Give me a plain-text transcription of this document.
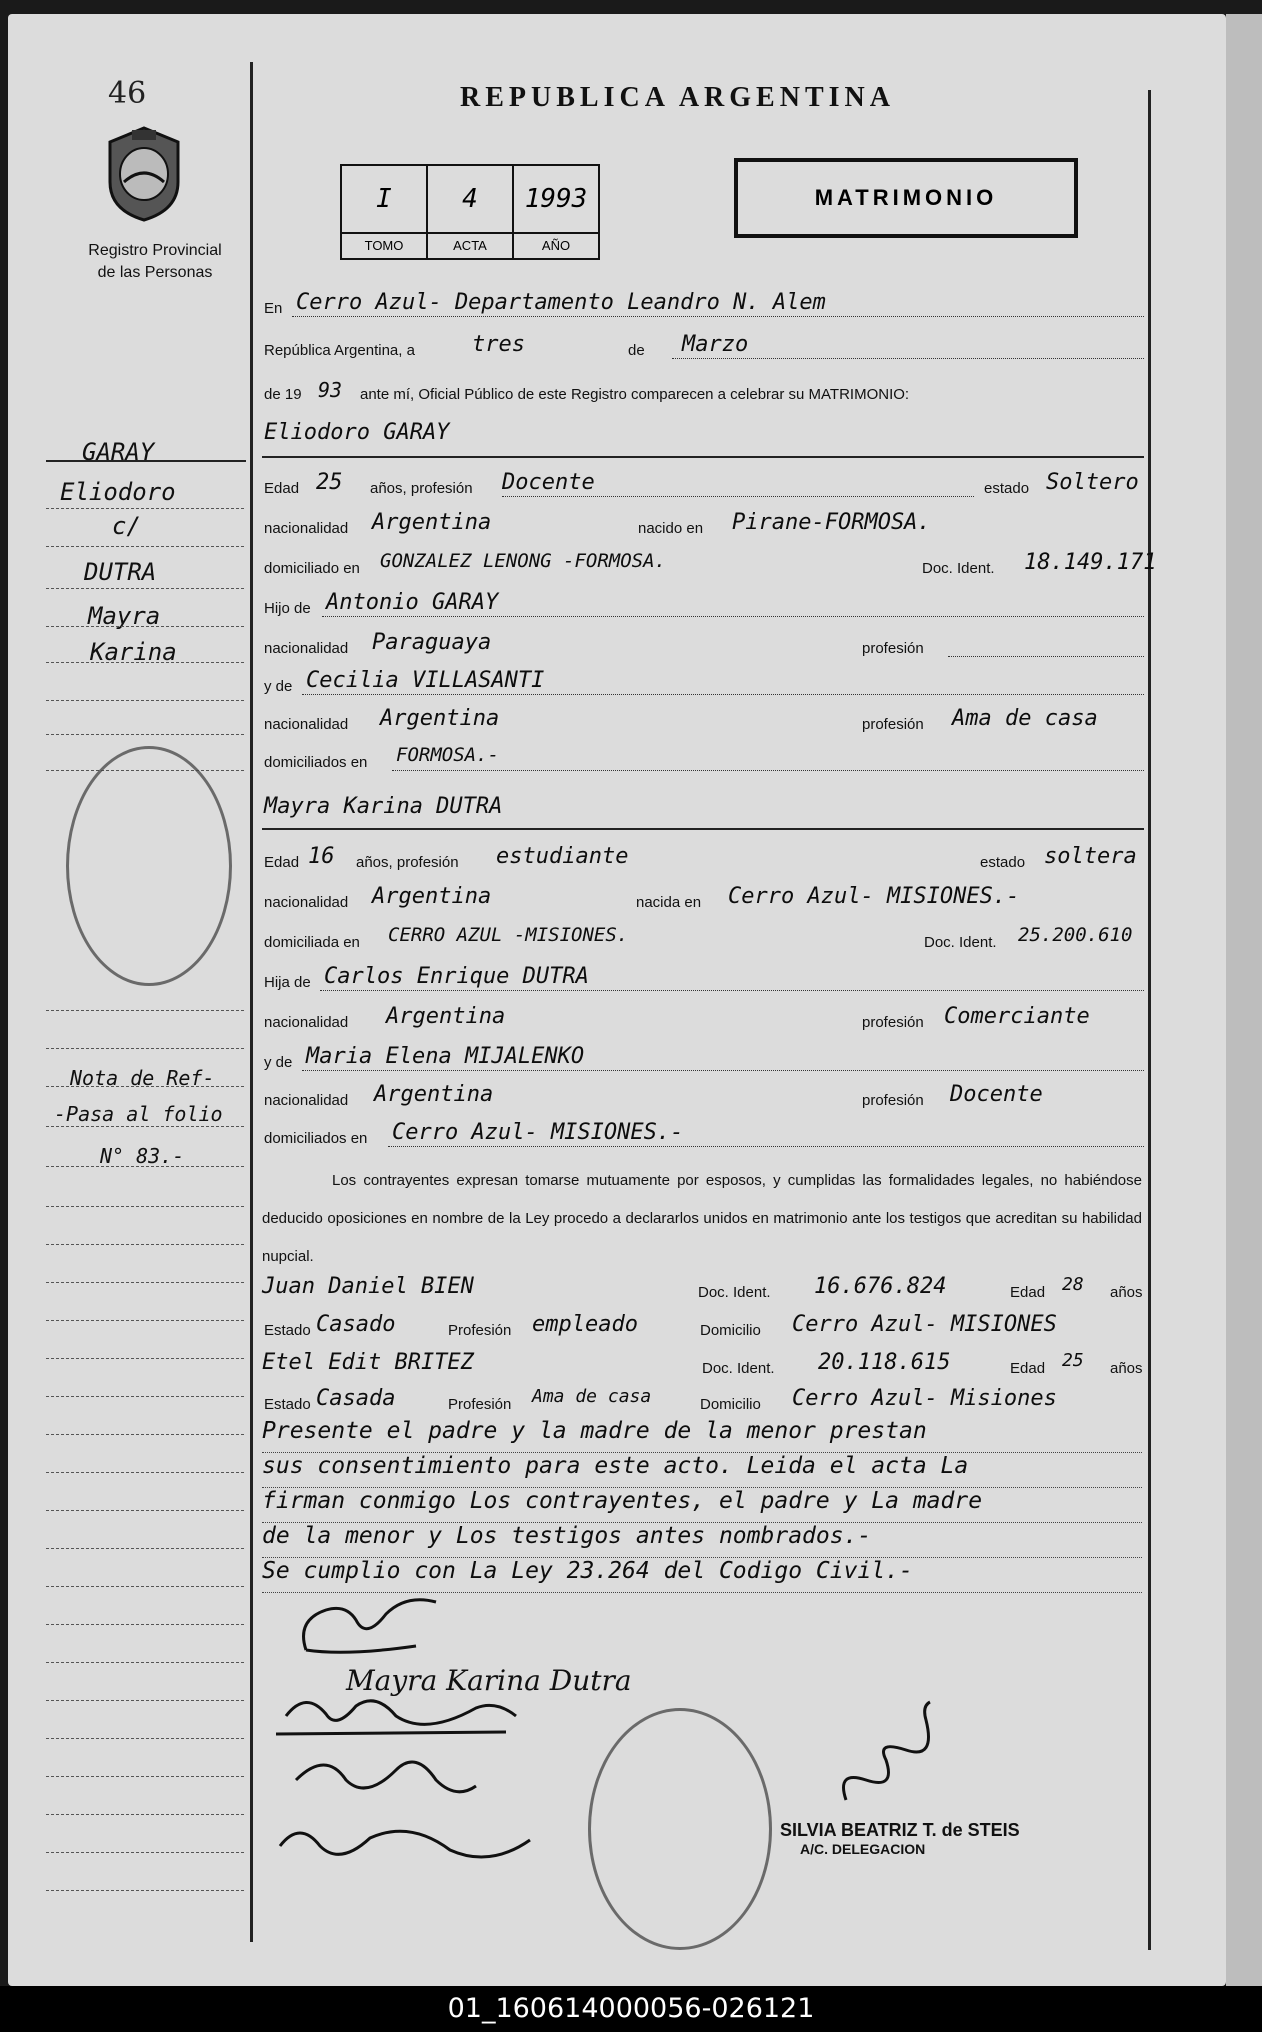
46
Registro Provincial
de las Personas
GARAY
Eliodoro
c/
DUTRA
Mayra
Karina
Nota de Ref-
-Pasa al folio
N° 83.-
REPUBLICA ARGENTINA
I
TOMO
4
ACTA
1993
AÑO
MATRIMONIO
En Cerro Azul- Departamento Leandro N. Alem
República Argentina, a	tres	de Marzo
de 19 93 ante mí, Oficial Público de este Registro comparecen a celebrar su MATRIMONIO:
Eliodoro GARAY
Edad 25 años, profesión Docente	estado Soltero
nacionalidad Argentina	nacido en Pirane-FORMOSA.
domiciliado en GONZALEZ LENONG -FORMOSA.	Doc. Ident. 18.149.171
Hijo de Antonio GARAY
nacionalidad Paraguaya	profesión
y de Cecilia VILLASANTI
nacionalidad Argentina	profesión Ama de casa
domiciliados en FORMOSA.-
Mayra Karina DUTRA
Edad 16 años, profesión estudiante	estado soltera
nacionalidad Argentina	nacida en Cerro Azul- MISIONES.-
domiciliada en CERRO AZUL -MISIONES.	Doc. Ident. 25.200.610
Hija de Carlos Enrique DUTRA
nacionalidad Argentina	profesión Comerciante
y de Maria Elena MIJALENKO
nacionalidad Argentina	profesión Docente
domiciliados en Cerro Azul- MISIONES.-
Los contrayentes expresan tomarse mutuamente por esposos, y cumplidas las formalidades legales, no habiéndose deducido oposiciones en nombre de la Ley procedo a declararlos unidos en matrimonio ante los testigos que acreditan su habilidad nupcial.
Juan Daniel BIEN	Doc. Ident. 16.676.824	Edad 28 años
Estado Casado	Profesión empleado	Domicilio Cerro Azul- MISIONES
Etel Edit BRITEZ	Doc. Ident. 20.118.615	Edad 25 años
Estado Casada	Profesión Ama de casa	Domicilio Cerro Azul- Misiones
Presente el padre y la madre de la menor prestan
sus consentimiento para este acto. Leida el acta La
firman conmigo Los contrayentes, el padre y La madre
de la menor y Los testigos antes nombrados.-
Se cumplio con La Ley 23.264 del Codigo Civil.-
Mayra Karina Dutra
SILVIA BEATRIZ T. de STEIS
A/C. DELEGACION
01_160614000056-026121
